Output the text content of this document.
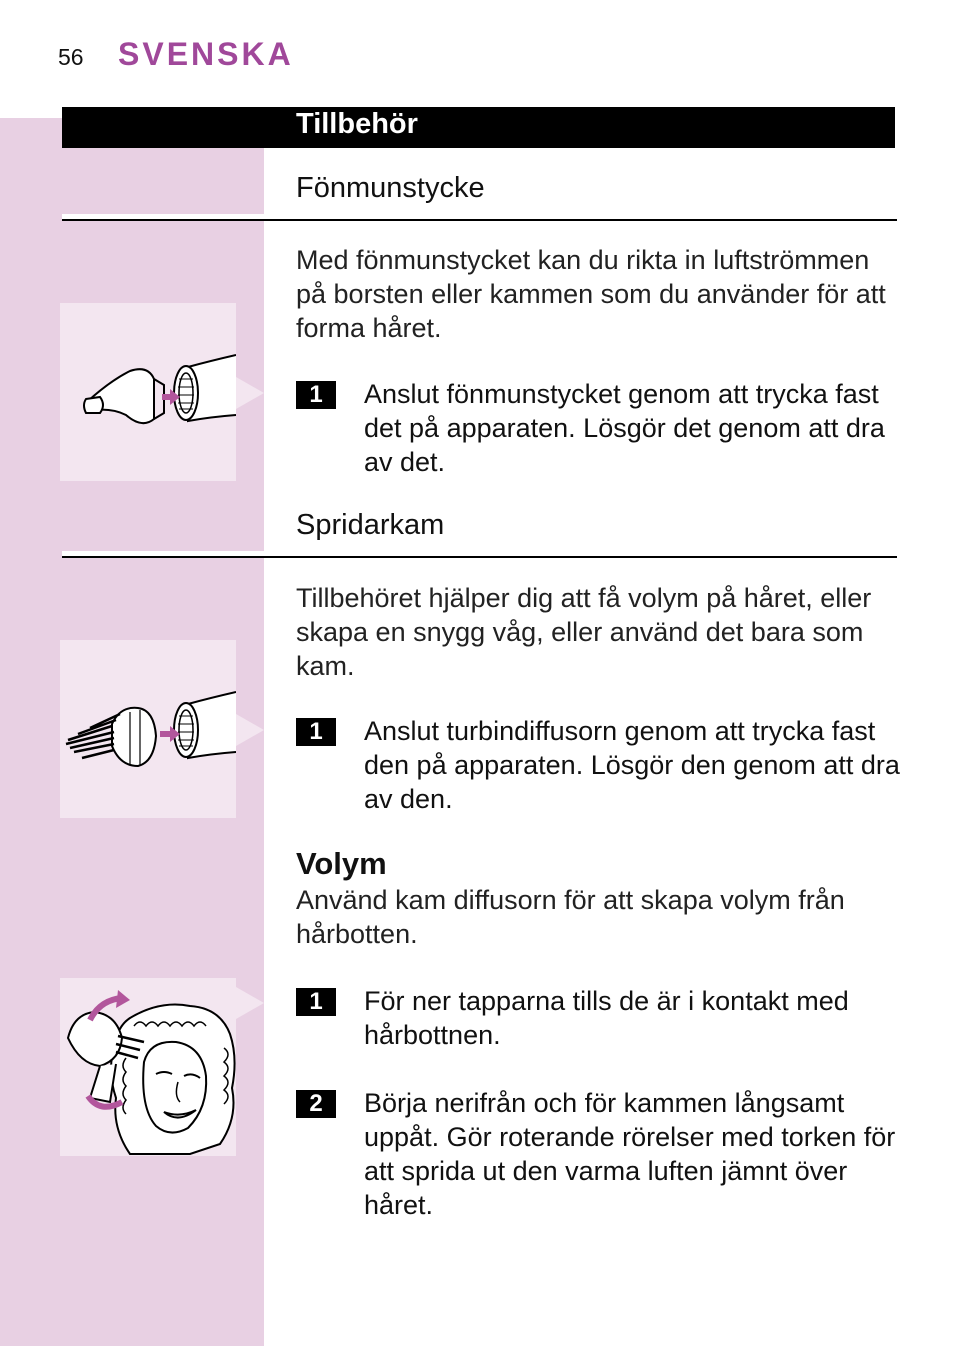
56 SVENSKA
Tillbehör
Fönmunstycke
Med fönmunstycket kan du rikta in luftströmmen på borsten eller kammen som du använder för att forma håret.
1	Anslut fönmunstycket genom att trycka fast det på apparaten. Lösgör det genom att dra av det.
Spridarkam
Tillbehöret hjälper dig att få volym på håret, eller skapa en snygg våg, eller använd det bara som kam.
1	Anslut turbindiffusorn genom att trycka fast den på apparaten. Lösgör den genom att dra av den.
Volym
Använd kam diffusorn för att skapa volym från hårbotten.
1	För ner tapparna tills de är i kontakt med hårbottnen.
2	Börja nerifrån och för kammen långsamt uppåt. Gör roterande rörelser med torken för att sprida ut den varma luften jämnt över håret.
